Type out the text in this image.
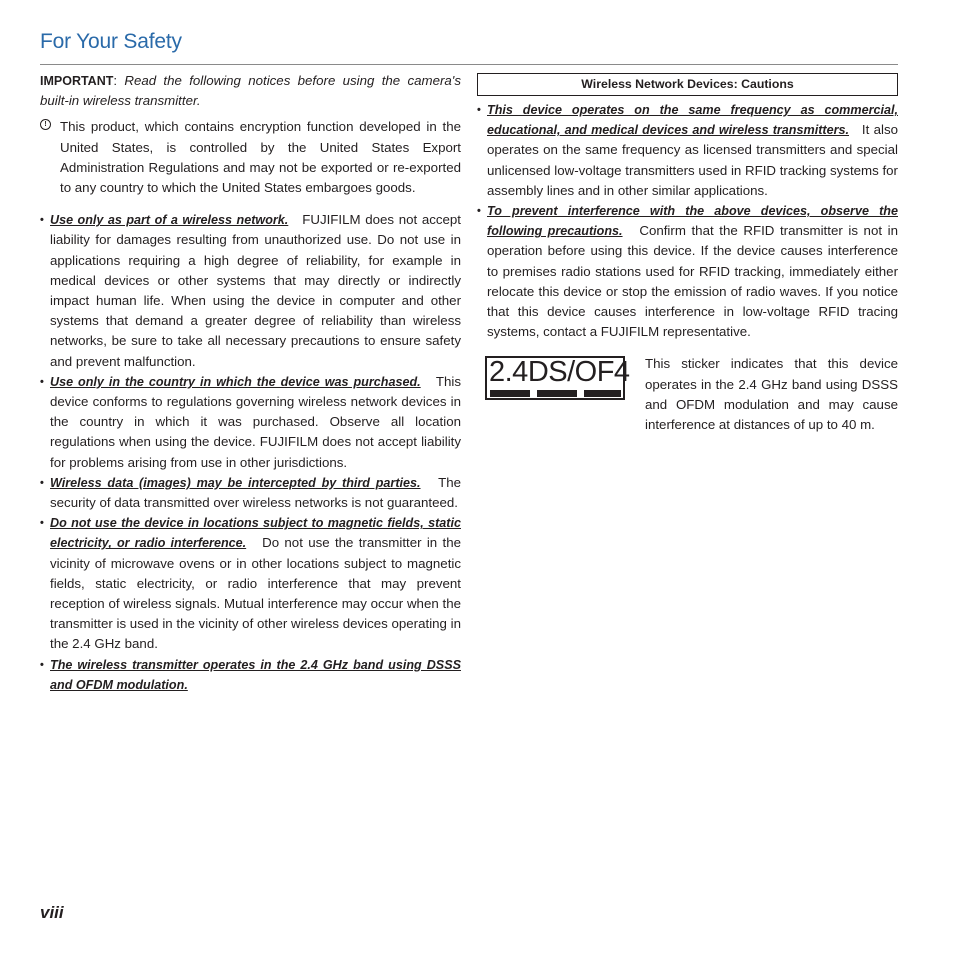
For Your Safety
IMPORTANT: Read the following notices before using the camera's built-in wireless transmitter.
!	This product, which contains encryption function developed in the United States, is controlled by the United States Export Administration Regulations and may not be exported or re-exported to any country to which the United States embargoes goods.
• Use only as part of a wireless network. FUJIFILM does not accept liability for damages resulting from unauthorized use. Do not use in applications requiring a high degree of reliability, for example in medical devices or other systems that may directly or indirectly impact human life. When using the device in computer and other systems that demand a greater degree of reliability than wireless networks, be sure to take all necessary precautions to ensure safety and prevent malfunction.
• Use only in the country in which the device was purchased. This device conforms to regulations governing wireless network devices in the country in which it was purchased. Observe all location regulations when using the device. FUJIFILM does not accept liability for problems arising from use in other jurisdictions.
• Wireless data (images) may be intercepted by third parties. The security of data transmitted over wireless networks is not guaranteed.
• Do not use the device in locations subject to magnetic fields, static electricity, or radio interference. Do not use the transmitter in the vicinity of microwave ovens or in other locations subject to magnetic fields, static electricity, or radio interference that may prevent reception of wireless signals. Mutual interference may occur when the transmitter is used in the vicinity of other wireless devices operating in the 2.4 GHz band.
• The wireless transmitter operates in the 2.4 GHz band using DSSS and OFDM modulation.
Wireless Network Devices: Cautions
• This device operates on the same frequency as commercial, educational, and medical devices and wireless transmitters. It also operates on the same frequency as licensed transmitters and special unlicensed low-voltage transmitters used in RFID tracking systems for assembly lines and in other similar applications.
• To prevent interference with the above devices, observe the following precautions. Confirm that the RFID transmitter is not in operation before using this device. If the device causes interference to premises radio stations used for RFID tracking, immediately either relocate this device or stop the emission of radio waves. If you notice that this device causes interference in low-voltage RFID tracing systems, contact a FUJIFILM representative.
2.4DS/OF4 This sticker indicates that this device operates in the 2.4 GHz band using DSSS and OFDM modulation and may cause interference at distances of up to 40 m.
viii
